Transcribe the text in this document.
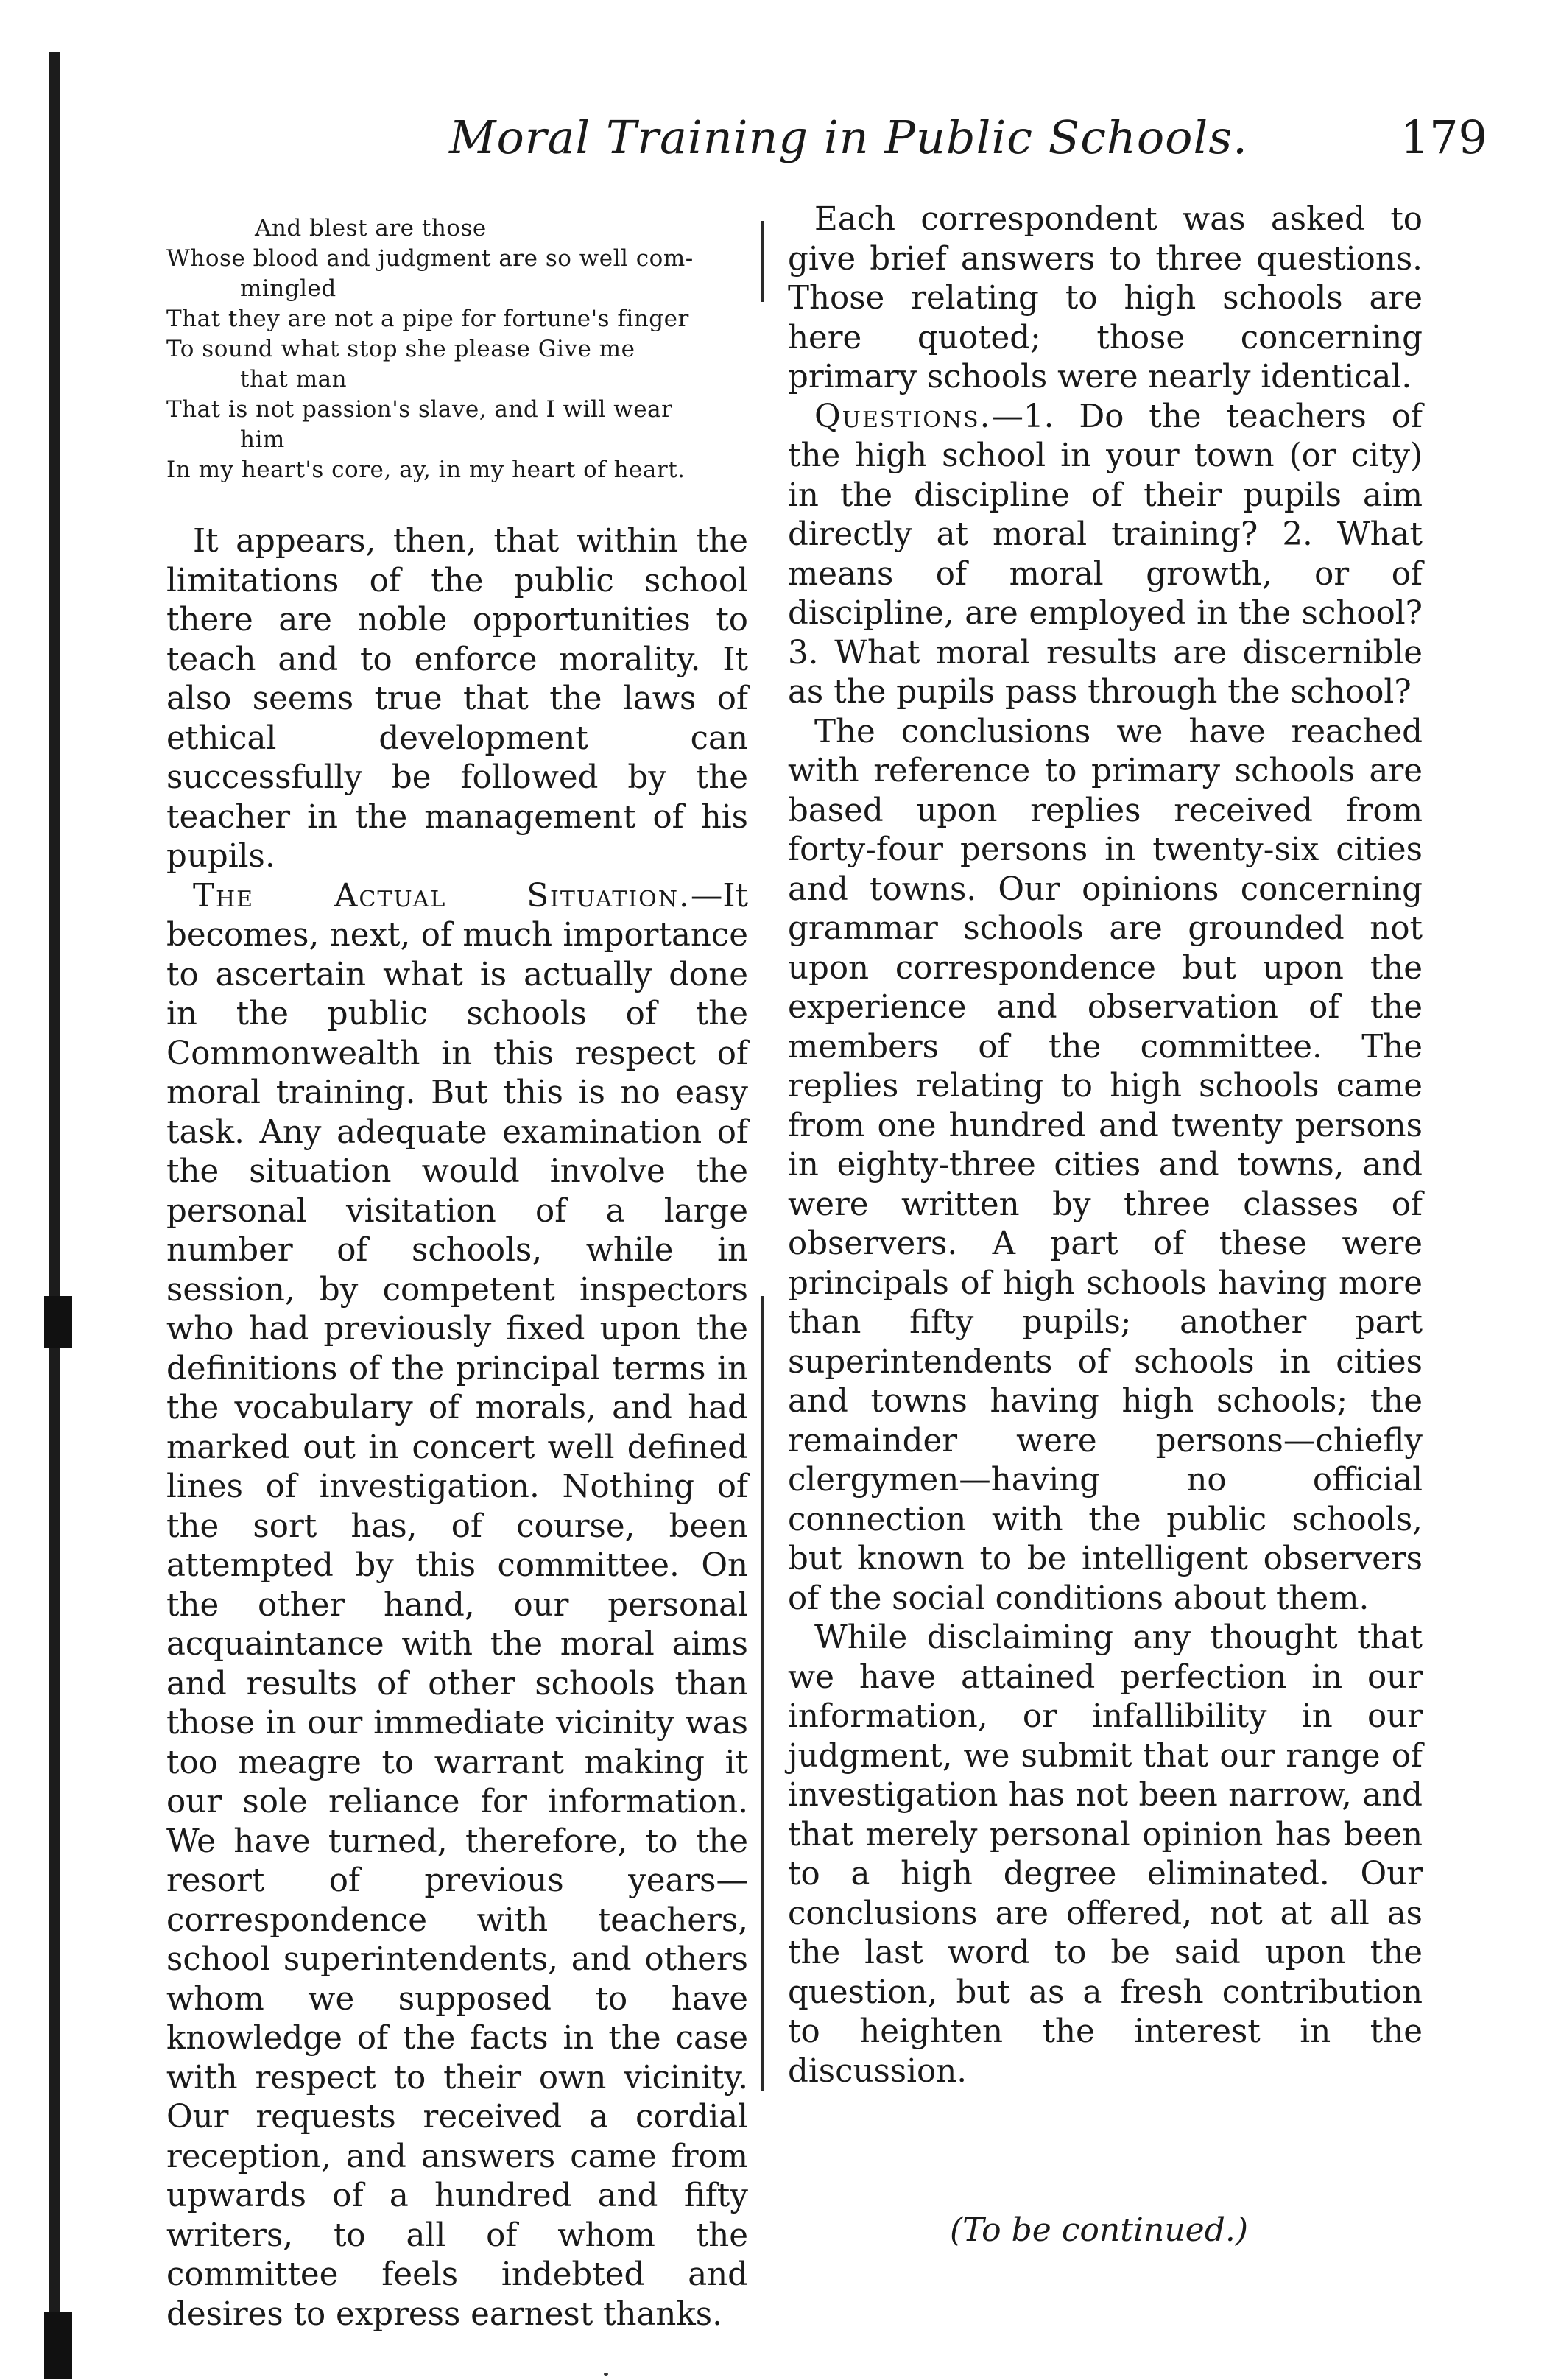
Moral Training in Public Schools.	179
And blest are those
Whose blood and judgment are so well com-
mingled
That they are not a pipe for fortune's finger
To sound what stop she please Give me
that man
That is not passion's slave, and I will wear
him
In my heart's core, ay, in my heart of heart.

It appears, then, that within the limitations of the public school there are noble opportunities to teach and to enforce morality. It also seems true that the laws of ethical development can successfully be followed by the teacher in the management of his pupils.

The Actual Situation.—It becomes, next, of much importance to ascertain what is actually done in the public schools of the Commonwealth in this respect of moral training. But this is no easy task. Any adequate examination of the situation would involve the personal visitation of a large number of schools, while in session, by competent inspectors who had previously fixed upon the definitions of the principal terms in the vocabulary of morals, and had marked out in concert well defined lines of investigation. Nothing of the sort has, of course, been attempted by this committee. On the other hand, our personal acquaintance with the moral aims and results of other schools than those in our immediate vicinity was too meagre to warrant making it our sole reliance for information. We have turned, therefore, to the resort of previous years—correspondence with teachers, school superintendents, and others whom we supposed to have knowledge of the facts in the case with respect to their own vicinity. Our requests received a cordial reception, and answers came from upwards of a hundred and fifty writers, to all of whom the committee feels indebted and desires to express earnest thanks.

Each correspondent was asked to give brief answers to three questions. Those relating to high schools are here quoted; those concerning primary schools were nearly identical.

Questions.—1. Do the teachers of the high school in your town (or city) in the discipline of their pupils aim directly at moral training? 2. What means of moral growth, or of discipline, are employed in the school? 3. What moral results are discernible as the pupils pass through the school?

The conclusions we have reached with reference to primary schools are based upon replies received from forty-four persons in twenty-six cities and towns. Our opinions concerning grammar schools are grounded not upon correspondence but upon the experience and observation of the members of the committee. The replies relating to high schools came from one hundred and twenty persons in eighty-three cities and towns, and were written by three classes of observers. A part of these were principals of high schools having more than fifty pupils; another part superintendents of schools in cities and towns having high schools; the remainder were persons—chiefly clergymen—having no official connection with the public schools, but known to be intelligent observers of the social conditions about them.

While disclaiming any thought that we have attained perfection in our information, or infallibility in our judgment, we submit that our range of investigation has not been narrow, and that merely personal opinion has been to a high degree eliminated. Our conclusions are offered, not at all as the last word to be said upon the question, but as a fresh contribution to heighten the interest in the discussion.

(To be continued.)
